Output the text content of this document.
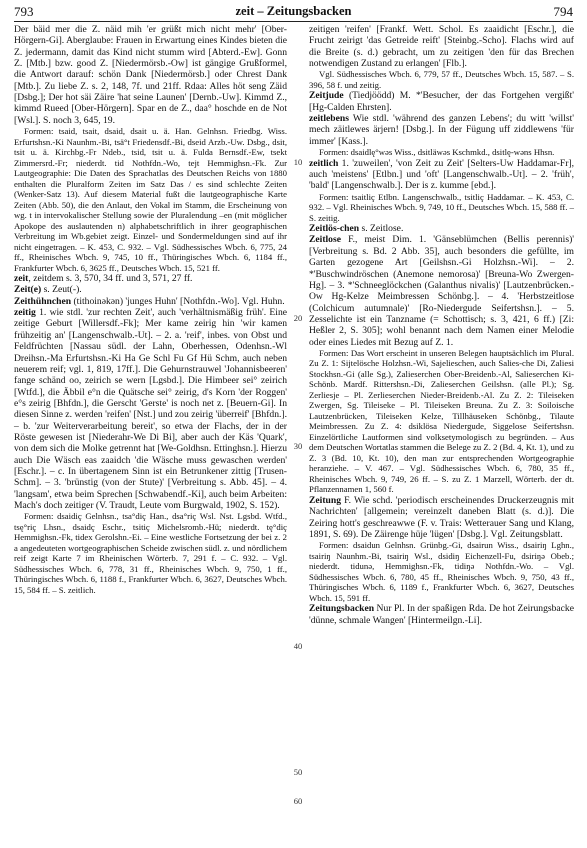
793	zeit – Zeitungsbacken	794

Der bäid mer die Z. näid mih 'er grüßt mich nicht mehr' [Ober-Hörgern-Gi]. Aberglaube: Frauen in Erwartung eines Kindes bieten die Z. jedermann, damit das Kind nicht stumm wird [Abterd.-Ew]. Gonn Z. [Mtb.] bzw. good Z. [Niedermörsb.-Ow] ist gängige Grußformel, die Antwort darauf: schön Dank [Niedermörsb.] oder Chrest Dank [Mtb.]. Zu liebe Z. s. 2, 148, 7f. und 21ff. Rdaa: Alles höt seng Zäid [Dsbg.]; Der hot säi Zäire 'hat seine Launen' [Dernb.-Uw]. Kimmd Z., kimmd Rueed [Ober-Hörgern]. Spar en de Z., daa° hoschde en de Not [Wsl.]. S. noch 3, 645, 19.

Formen: tsaid, tsait, dsaid, dsait u. ä. Han. Gelnhsn. Friedbg. Wiss. Erfurtshsn.-Ki Naunhm.-Bi, tsä°t Friedensdf.-Bi, dseid Arzb.-Uw. Dsbg., dsit, tsit u. ä. Kirchbg.-Fr Ndeb., tsid, tsit u. ä. Fulda Bernsdf.-Ew, tsekt Zimmersrd.-Fr; niederdt. tid Nothfdn.-Wo, tejt Hemmighsn.-Fk. Zur Lautgeographie: Die Daten des Sprachatlas des Deutschen Reichs von 1880 enthalten die Pluralform Zeiten im Satz Das / es sind schlechte Zeiten (Wenker-Satz 13). Auf diesem Material fußt die lautgeographische Karte Zeiten (Abb. 50), die den Anlaut, den Vokal im Stamm, die Erscheinung von wg. t in intervokalischer Stellung sowie der Pluralendung –en (mit möglicher Apokope des auslautenden n) alphabetschriftlich in ihrer geographischen Verbreitung im Wb.gebiet zeigt. Einzel- und Sondermeldungen sind auf ihr nicht eingetragen. – K. 453, C. 932. – Vgl. Südhessisches Wbch. 6, 775, 24 ff., Rheinisches Wbch. 9, 745, 10 ff., Thüringisches Wbch. 6, 1184 ff., Frankfurter Wbch. 6, 3625 ff., Deutsches Wbch. 15, 521 ff.

zeit, zeitdem s. 3, 570, 34 ff. und 3, 571, 27 ff.

Zeit(e) s. Zeut(-).

Zeithühnchen (tithoinəkən) 'junges Huhn' [Nothfdn.-Wo]. Vgl. Huhn.

zeitig 1. wie stdl. 'zur rechten Zeit', auch 'verhältnismäßig früh'. Eine zeitige Geburt [Willersdf.-Fk]; Mer kame zeirig hin 'wir kamen frühzeitig an' [Langenschwalb.-Ut]. – 2. a. 'reif', inbes. von Obst und Feldfrüchten [Nassau südl. der Lahn, Oberhessen, Odenhsn.-Wl Dreihsn.-Ma Erfurtshsn.-Ki Ha Ge Schl Fu Gf Hü Schm, auch neben neuerem reif; vgl. 1, 819, 17ff.]. Die Gehurnstrauwel 'Johannisbeeren' fange schänd oo, zeirich se wern [Lgsbd.]. Die Himbeer sei° zeirich [Wtfd.], die Äbbil e°n die Quätsche sei° zeirig, d's Korn 'der Roggen' e°s zeirig [Bhfdn.], die Gerscht 'Gerste' is noch net z. [Beuern-Gi]. In diesen Sinne z. werden 'reifen' [Nst.] und zou zeirig 'überreif' [Bhfdn.]. – b. 'zur Weiterverarbeitung bereit', so etwa der Flachs, der in der Röste gewesen ist [Niederahr-We Di Bi], aber auch der Käs 'Quark', von dem sich die Molke getrennt hat [We-Goldhsn. Ettinghsn.]. Hierzu auch Die Wäsch eas zaaidch 'die Wäsche muss gewaschen werden' [Eschr.]. – c. In übertagenem Sinn ist ein Betrunkener zittig [Trusen-Schm]. – 3. 'brünstig (von der Stute)' [Verbreitung s. Abb. 45]. – 4. 'langsam', etwa beim Sprechen [Schwabendf.-Ki], auch beim Arbeiten: Mach's doch zeitiger (V. Traudt, Leute vom Burgwald, 1902, S. 152).

Formen: dsaidiç Gelnhsn., tsa°diç Han., dsa°riç Wsl. Nst. Lgsbd. Wtfd., tsę°riç Lhsn., dsaidç Eschr., tsitiç Michelsromb.-Hü; niederdt. tę°diç Hemmighsn.-Fk, tidex Gerolshn.-Ei. – Eine westliche Fortsetzung der bei z. 2 a angedeuteten wortgeographischen Scheide zwischen südl. z. und nördlichem reif zeigt Karte 7 im Rheinischen Wörterb. 7, 291 f. – C. 932. – Vgl. Südhessisches Wbch. 6, 778, 31 ff., Rheinisches Wbch. 9, 750, 1 ff., Thüringisches Wbch. 6, 1188 f., Frankfurter Wbch. 6, 3627, Deutsches Wbch. 15, 584 ff. – S. zeitlich.

10
20
30
40
50
60

zeitigen 'reifen' [Frankf. Wett. Schol. Es zaaidicht [Eschr.], die Frucht zeirigt 'das Getreide reift' [Steinbg.-Scho]. Flachs wird auf die Breite (s. d.) gebracht, um zu zeitigen 'den für das Brechen notwendigen Zustand zu erlangen' [Flb.].

Vgl. Südhessisches Wbch. 6, 779, 57 ff., Deutsches Wbch. 15, 587. – S. 396, 58 f. und zeitig.

Zeitjude (Tiedjöödd) M. *'Besucher, der das Fortgehen vergißt' [Hg-Calden Ehrsten].

zeitlebens Wie stdl. 'während des ganzen Lebens'; du witt 'willst' mech zäitlewes ärjern! [Dsbg.]. In der Fügung uff ziddlewens 'für immer' [Kass.].

Formen: dsaidlę°wəs Wiss., dsitläwəs Kschmkd., dsitlę-wəns Hhsn.

zeitlich 1. 'zuweilen', 'von Zeit zu Zeit' [Selters-Uw Haddamar-Fr], auch 'meistens' [Etlbn.] und 'oft' [Langenschwalb.-Ut]. – 2. 'früh', 'bald' [Langenschwalb.]. Der is z. kumme [ebd.].

Formen: tsaitliç Etlbn. Langenschwalb., tsitliç Haddamar. – K. 453, C. 932. – Vgl. Rheinisches Wbch. 9, 749, 10 ff., Deutsches Wbch. 15, 588 ff. – S. zeitig.

Zeitlös-chen s. Zeitlose.

Zeitlose F., meist Dim. 1. 'Gänseblümchen (Bellis perennis)' [Verbreitung s. Bd. 2 Abb. 35], auch besonders die gefüllte, im Garten gezogene Art [Geilshsn.-Gi Holzhsn.-Wi]. – 2. *'Buschwindröschen (Anemone nemorosa)' [Breuna-Wo Zwergen-Hg]. – 3. *'Schneeglöckchen (Galanthus nivalis)' [Lautzenbrücken.-Ow Hg-Kelze Meimbressen Schönbg.]. – 4. 'Herbstzeitlose (Colchicum autumnale)' [Ro-Niedergude Seifertshsn.]. – 5. Zesselichte ist ein Tanzname (= Schottisch; s. 3, 421, 6 ff.) [Zi: Heßler 2, S. 305]; wohl benannt nach dem Namen einer Melodie oder eines Liedes mit Bezug auf Z. 1.

Formen: Das Wort erscheint in unseren Belegen hauptsächlich im Plural. Zu Z. 1: Sijtelösche Holzhsn.-Wi, Sajelieschen, auch Salies-che Di, Zaliesi Stockhsn.-Gi (alle Sg.), Zalieserchen Ober-Breidenb.-Al, Salieserchen Ki-Schönb. Mardf. Rittershsn.-Di, Zalieserchen Geilshsn. (alle Pl.); Sg. Zerliesje – Pl. Zerlieserchen Nieder-Breidenb.-Al. Zu Z. 2: Tileiseken Zwergen, Sg. Tileiseke – Pl. Tileiseken Breuna. Zu Z. 3: Soiloische Lautzenbrücken, Tileiseken Kelze, Tillhäuseken Schönbg., Tilaute Meimbressen. Zu Z. 4: dsiklösa Niedergude, Siggelose Seifertshsn. Einzelörtliche Lautformen sind volksetymologisch zu begründen. – Aus dem Deutschen Wortatlas stammen die Belege zu Z. 2 (Bd. 4, Kt. 1), und zu Z. 3 (Bd. 10, Kt. 10), den man zur entsprechenden Wortgeographie heranziehe. – V. 467. – Vgl. Südhessisches Wbch. 6, 780, 35 ff., Rheinisches Wbch. 9, 749, 26 ff. – S. zu Z. 1 Marzell, Wörterb. der dt. Pflanzennamen 1, 560 f.

Zeitung F. Wie schd. 'periodisch erscheinendes Druckerzeugnis mit Nachrichten' [allgemein; vereinzelt daneben Blatt (s. d.)]. Die Zeiring hott's geschreawwe (F. v. Trais: Wetterauer Sang und Klang, 1891, S. 69). De Zäirenge hüje 'lügen' [Dsbg.]. Vgl. Zeitungsblatt.

Formen: dsaidun Gelnhsn. Grünbg.-Gi, dsairun Wiss., dsairiŋ Lghn., tsairiŋ Naunhm.-Bi, tsairiŋ Wsl., dsidiŋ Eichenzell-Fu, dsiriŋə Obeb.; niederdt. tidunə, Hemmighsn.-Fk, tidiŋə Nothfdn.-Wo. – Vgl. Südhessisches Wbch. 6, 780, 45 ff., Rheinisches Wbch. 9, 750, 43 ff., Thüringisches Wbch. 6, 1189 f., Frankfurter Wbch. 6, 3627, Deutsches Wbch. 15, 591 ff.

Zeitungsbacken Nur Pl. In der spaßigen Rda. De hot Zeirungsbacke 'dünne, schmale Wangen' [Hintermeilgn.-Li].
